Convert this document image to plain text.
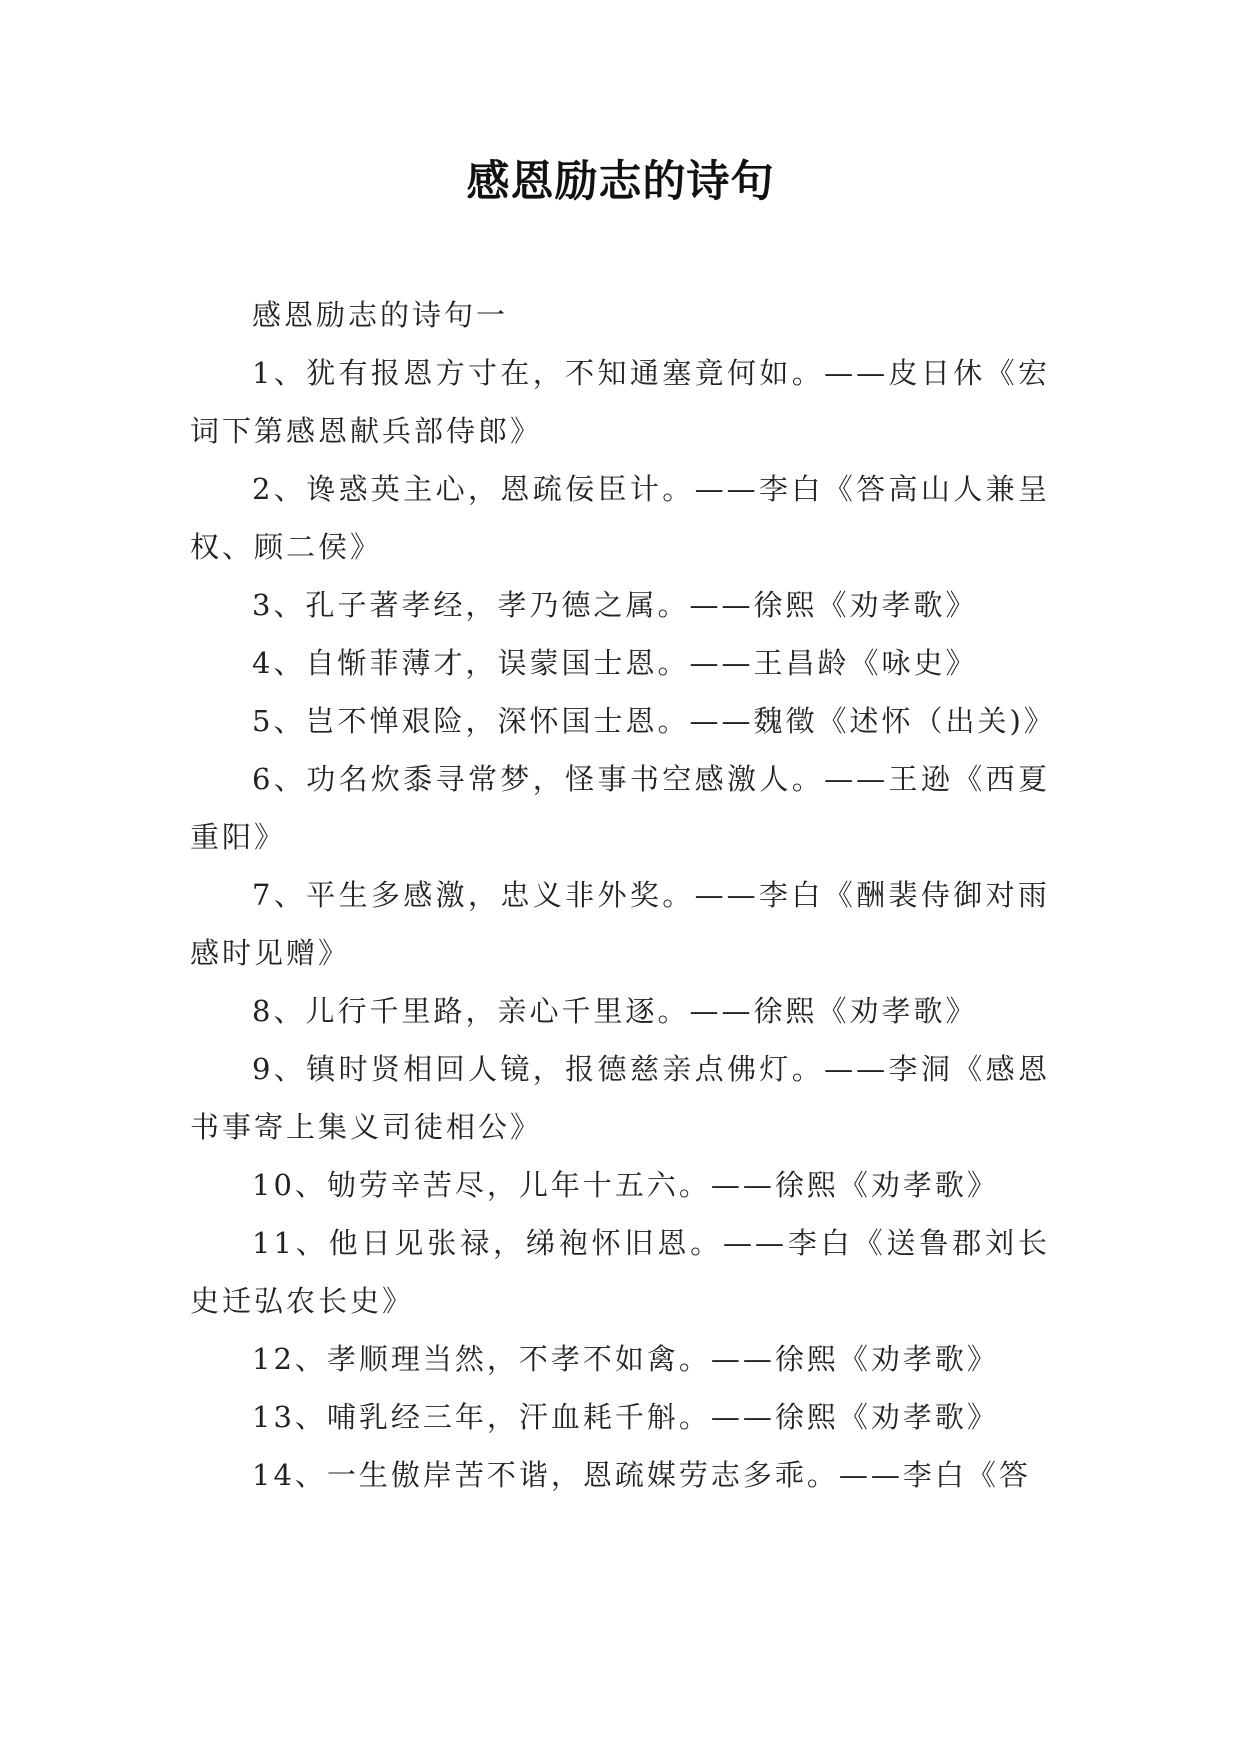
感恩励志的诗句

感恩励志的诗句一

1、犹有报恩方寸在，不知通塞竟何如。——皮日休《宏词下第感恩献兵部侍郎》

2、谗惑英主心，恩疏佞臣计。——李白《答高山人兼呈权、顾二侯》

3、孔子著孝经，孝乃德之属。——徐熙《劝孝歌》

4、自惭菲薄才，误蒙国士恩。——王昌龄《咏史》

5、岂不惮艰险，深怀国士恩。——魏徵《述怀（出关)》

6、功名炊黍寻常梦，怪事书空感激人。——王逊《西夏重阳》

7、平生多感激，忠义非外奖。——李白《酬裴侍御对雨感时见赠》

8、儿行千里路，亲心千里逐。——徐熙《劝孝歌》

9、镇时贤相回人镜，报德慈亲点佛灯。——李洞《感恩书事寄上集义司徒相公》

10、劬劳辛苦尽，儿年十五六。——徐熙《劝孝歌》

11、他日见张禄，绨袍怀旧恩。——李白《送鲁郡刘长史迁弘农长史》

12、孝顺理当然，不孝不如禽。——徐熙《劝孝歌》

13、哺乳经三年，汗血耗千斛。——徐熙《劝孝歌》

14、一生傲岸苦不谐，恩疏媒劳志多乖。——李白《答
